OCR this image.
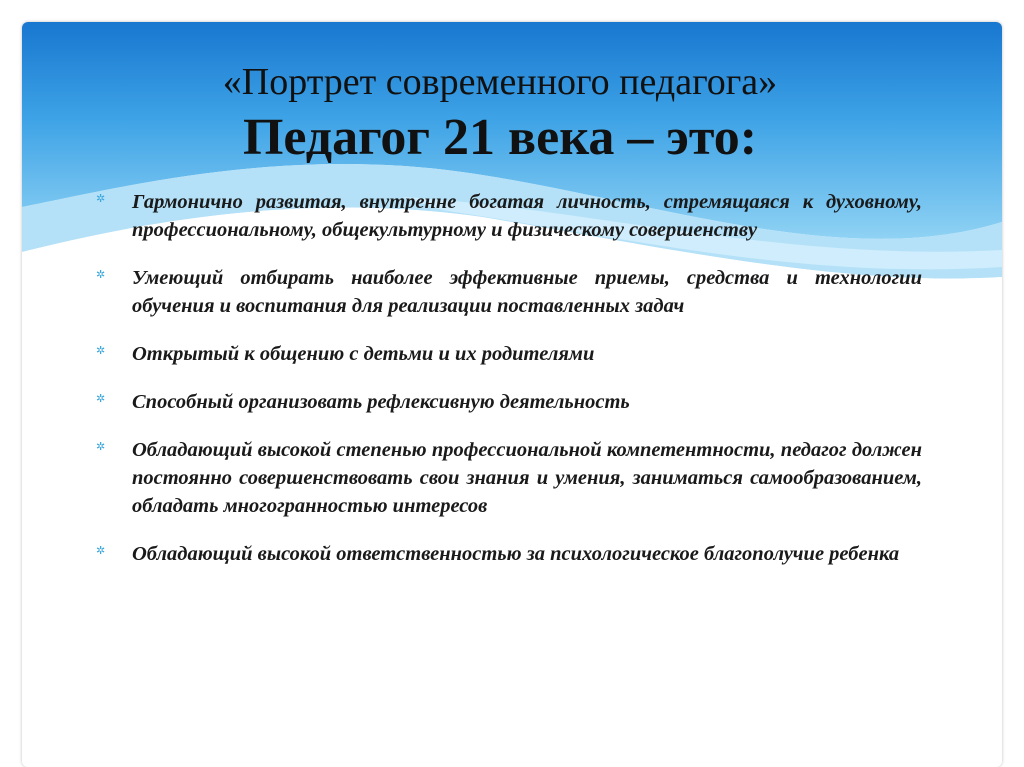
«Портрет современного педагога»
Педагог 21 века – это:
✲ Гармонично развитая, внутренне богатая личность, стремящаяся к духовному, профессиональному, общекультурному и физическому совершенству
✲ Умеющий отбирать наиболее эффективные приемы, средства и технологии обучения и воспитания для реализации поставленных задач
✲ Открытый к общению с детьми и их родителями
✲ Способный организовать рефлексивную деятельность
✲ Обладающий высокой степенью профессиональной компетентности, педагог должен постоянно совершенствовать свои знания и умения, заниматься самообразованием, обладать многогранностью интересов
✲ Обладающий высокой ответственностью за психологическое благополучие ребенка
